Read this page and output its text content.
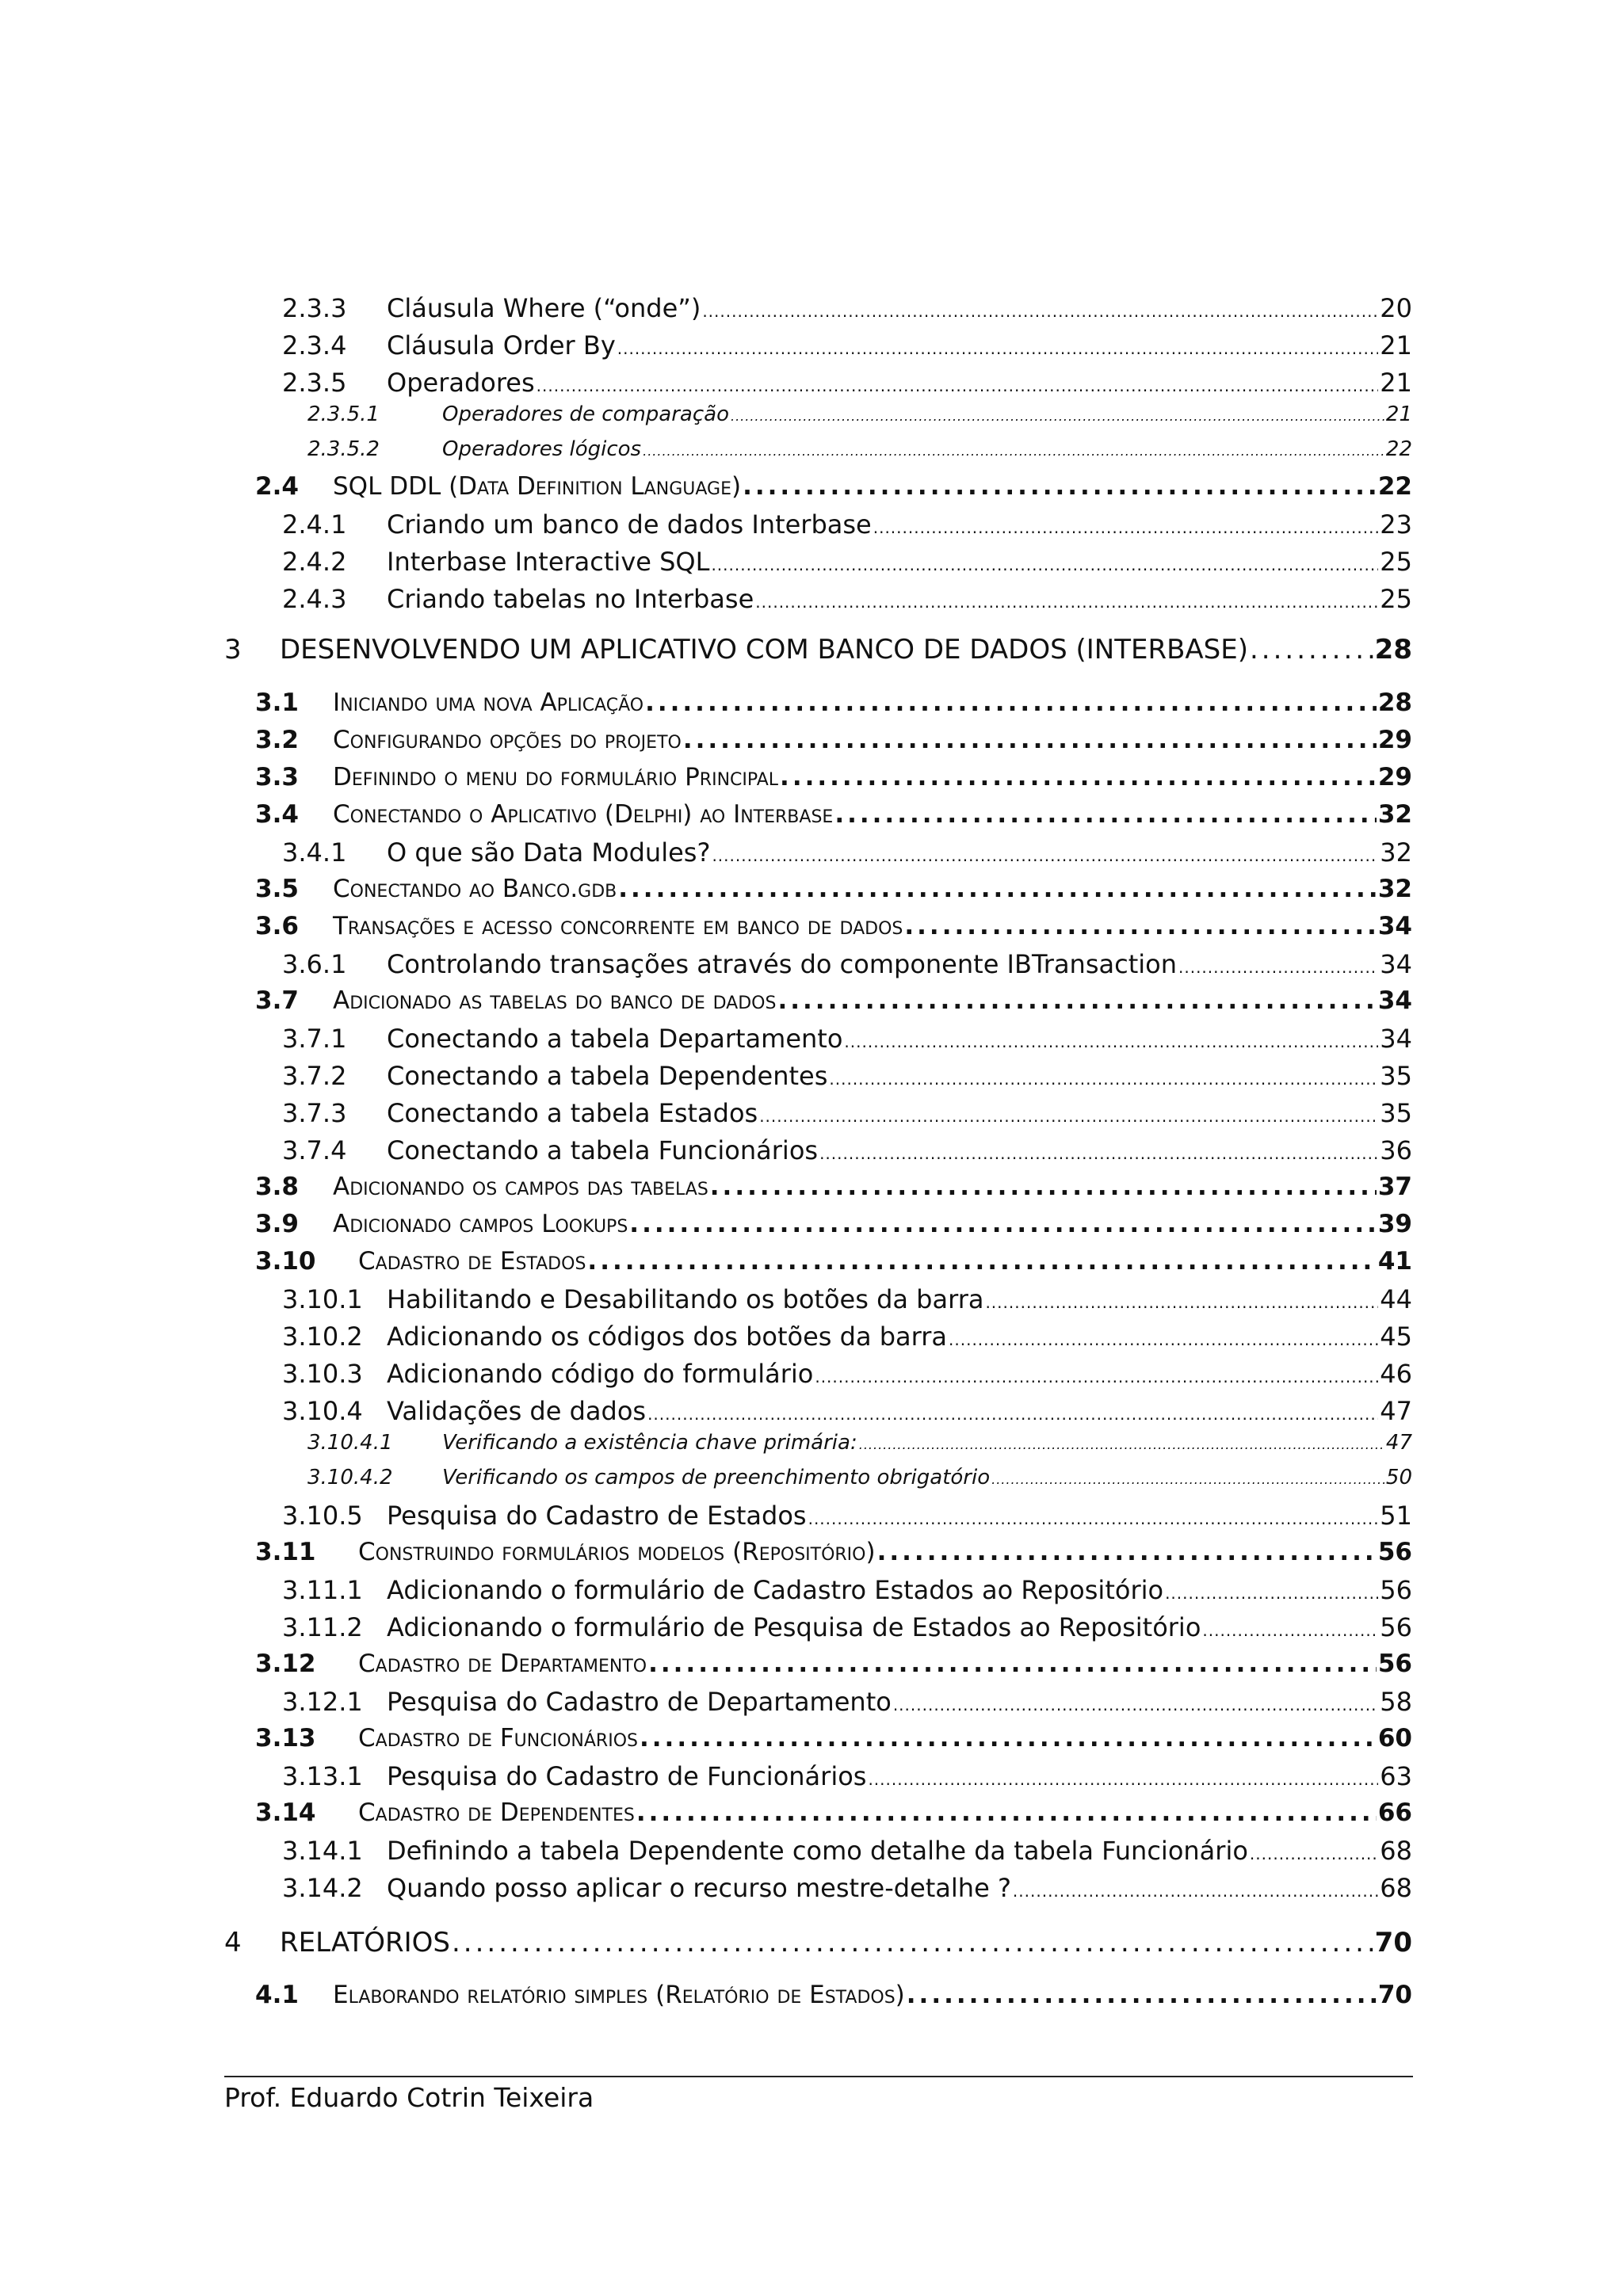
2.3.3	Cláusula Where (“onde”) .....	20
2.3.4	Cláusula Order By .....	21
2.3.5	Operadores .....	21
2.3.5.1	Operadores de comparação .....	21
2.3.5.2	Operadores lógicos .....	22
2.4	SQL DDL (Data Definition Language) .....	22
2.4.1	Criando um banco de dados Interbase .....	23
2.4.2	Interbase Interactive SQL .....	25
2.4.3	Criando tabelas no Interbase .....	25
3	DESENVOLVENDO UM APLICATIVO COM BANCO DE DADOS (INTERBASE) .....	28
3.1	Iniciando uma nova Aplicação .....	28
3.2	Configurando opções do projeto .....	29
3.3	Definindo o menu do formulário Principal .....	29
3.4	Conectando o Aplicativo (Delphi) ao Interbase .....	32
3.4.1	O que são Data Modules? .....	32
3.5	Conectando ao Banco.gdb .....	32
3.6	Transações e acesso concorrente em banco de dados .....	34
3.6.1	Controlando transações através do componente IBTransaction .....	34
3.7	Adicionado as tabelas do banco de dados .....	34
3.7.1	Conectando a tabela Departamento .....	34
3.7.2	Conectando a tabela Dependentes .....	35
3.7.3	Conectando a tabela Estados .....	35
3.7.4	Conectando a tabela Funcionários .....	36
3.8	Adicionando os campos das tabelas .....	37
3.9	Adicionado campos Lookups .....	39
3.10	Cadastro de Estados .....	41
3.10.1 Habilitando e Desabilitando os botões da barra .....	44
3.10.2 Adicionando os códigos dos botões da barra .....	45
3.10.3 Adicionando código do formulário .....	46
3.10.4 Validações de dados .....	47
3.10.4.1	Verificando a existência chave primária: .....	47
3.10.4.2	Verificando os campos de preenchimento obrigatório .....	50
3.10.5 Pesquisa do Cadastro de Estados .....	51
3.11	Construindo formulários modelos (Repositório) .....	56
3.11.1 Adicionando o formulário de Cadastro Estados ao Repositório .....	56
3.11.2 Adicionando o formulário de Pesquisa de Estados ao Repositório .....	56
3.12	Cadastro de Departamento .....	56
3.12.1 Pesquisa do Cadastro de Departamento .....	58
3.13	Cadastro de Funcionários .....	60
3.13.1 Pesquisa do Cadastro de Funcionários .....	63
3.14	Cadastro de Dependentes .....	66
3.14.1 Definindo a tabela Dependente como detalhe da tabela Funcionário .....	68
3.14.2 Quando posso aplicar o recurso mestre-detalhe ? .....	68
4	RELATÓRIOS .....	70
4.1	Elaborando relatório simples (Relatório de Estados) .....	70
Prof. Eduardo Cotrin Teixeira
